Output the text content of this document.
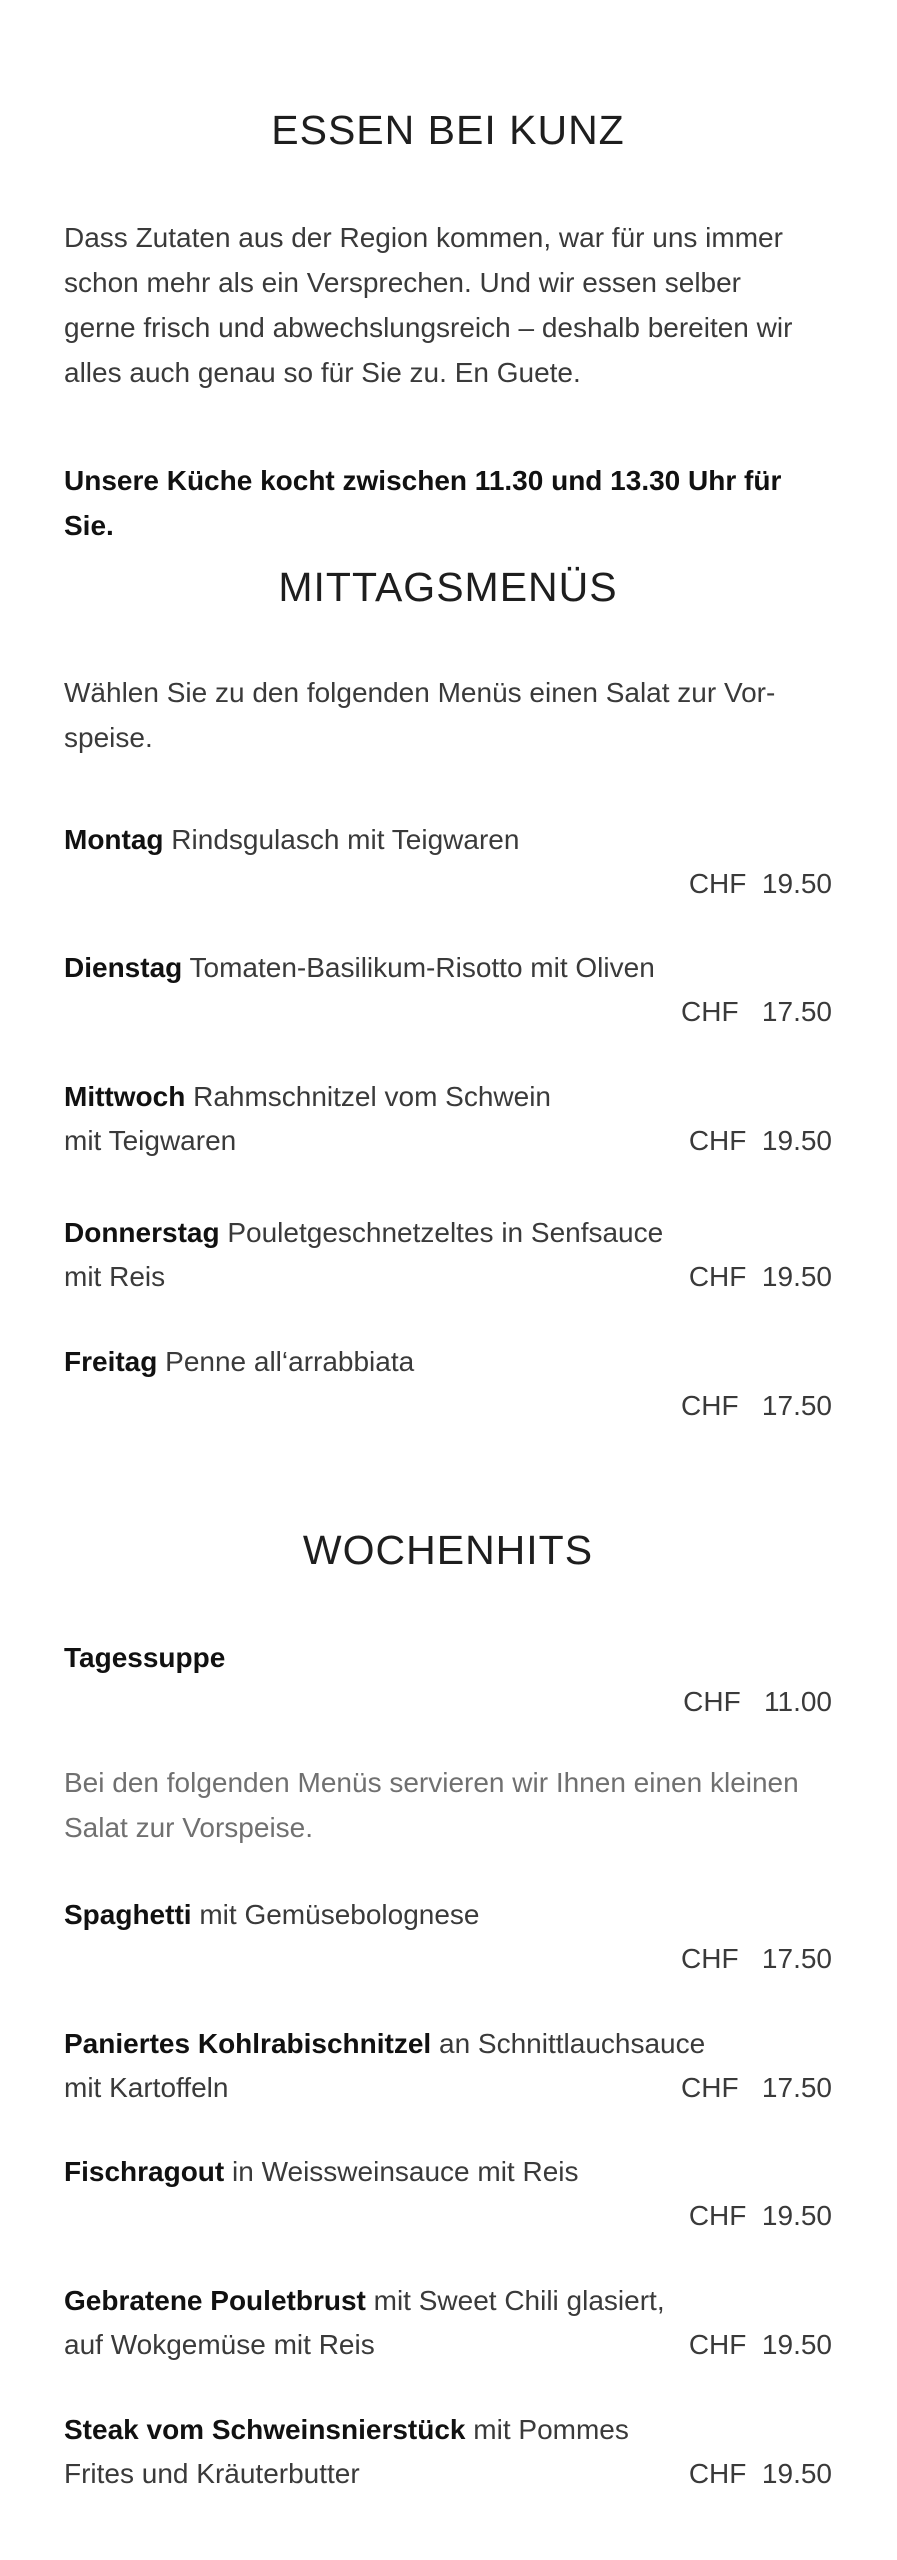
ESSEN BEI KUNZ
Dass Zutaten aus der Region kommen, war für uns immer
schon mehr als ein Versprechen. Und wir essen selber
gerne frisch und abwechslungsreich – deshalb bereiten wir
alles auch genau so für Sie zu. En Guete.
Unsere Küche kocht zwischen 11.30 und 13.30 Uhr für Sie.
MITTAGSMENÜS
Wählen Sie zu den folgenden Menüs einen Salat zur Vor-
speise.
Montag Rindsgulasch mit Teigwaren
CHF  19.50
Dienstag Tomaten-Basilikum-Risotto mit Oliven
CHF   17.50
Mittwoch Rahmschnitzel vom Schwein
mit Teigwaren	CHF  19.50
Donnerstag Pouletgeschnetzeltes in Senfsauce
mit Reis	CHF  19.50
Freitag Penne all‘arrabbiata
CHF   17.50
WOCHENHITS
Tagessuppe
CHF   11.00
Bei den folgenden Menüs servieren wir Ihnen einen kleinen
Salat zur Vorspeise.
Spaghetti mit Gemüsebolognese
CHF   17.50
Paniertes Kohlrabischnitzel an Schnittlauchsauce
mit Kartoffeln	CHF   17.50
Fischragout in Weissweinsauce mit Reis
CHF  19.50
Gebratene Pouletbrust mit Sweet Chili glasiert,
auf Wokgemüse mit Reis	CHF  19.50
Steak vom Schweinsnierstück mit Pommes
Frites und Kräuterbutter	CHF  19.50
